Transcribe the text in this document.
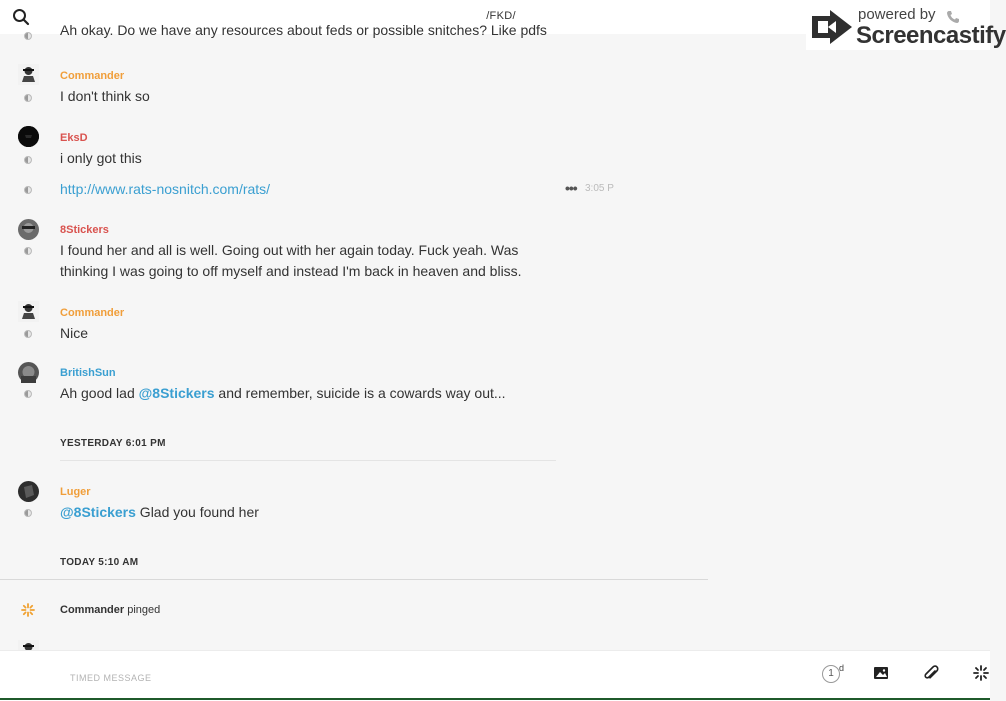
/FKD/
Ah okay. Do we have any resources about feds or possible snitches? Like pdfs
Commander
I don't think so
EksD
i only got this
http://www.rats-nosnitch.com/rats/	••• 3:05 P
8Stickers
I found her and all is well. Going out with her again today. Fuck yeah. Was thinking I was going to off myself and instead I'm back in heaven and bliss.
Commander
Nice
BritishSun
Ah good lad @8Stickers and remember, suicide is a cowards way out...
YESTERDAY 6:01 PM
Luger
@8Stickers Glad you found her
TODAY 5:10 AM
Commander pinged
powered by
Screencastify
TIMED MESSAGE
1 d
